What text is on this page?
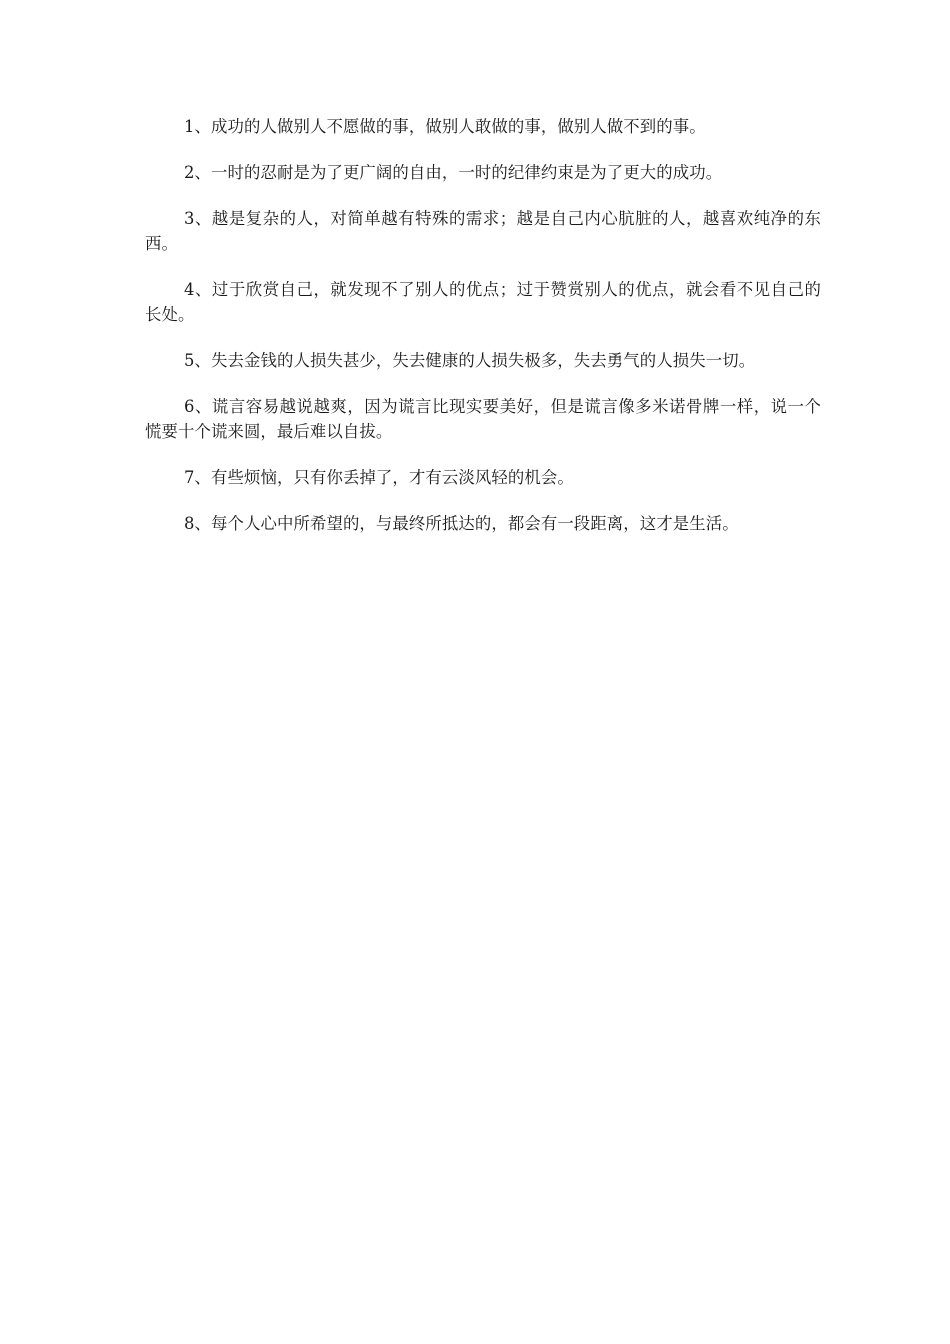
1、成功的人做别人不愿做的事，做别人敢做的事，做别人做不到的事。

2、一时的忍耐是为了更广阔的自由，一时的纪律约束是为了更大的成功。

3、越是复杂的人，对简单越有特殊的需求；越是自己内心肮脏的人，越喜欢纯净的东西。

4、过于欣赏自己，就发现不了别人的优点；过于赞赏别人的优点，就会看不见自己的长处。

5、失去金钱的人损失甚少，失去健康的人损失极多，失去勇气的人损失一切。

6、谎言容易越说越爽，因为谎言比现实要美好，但是谎言像多米诺骨牌一样，说一个慌要十个谎来圆，最后难以自拔。

7、有些烦恼，只有你丢掉了，才有云淡风轻的机会。

8、每个人心中所希望的，与最终所抵达的，都会有一段距离，这才是生活。
